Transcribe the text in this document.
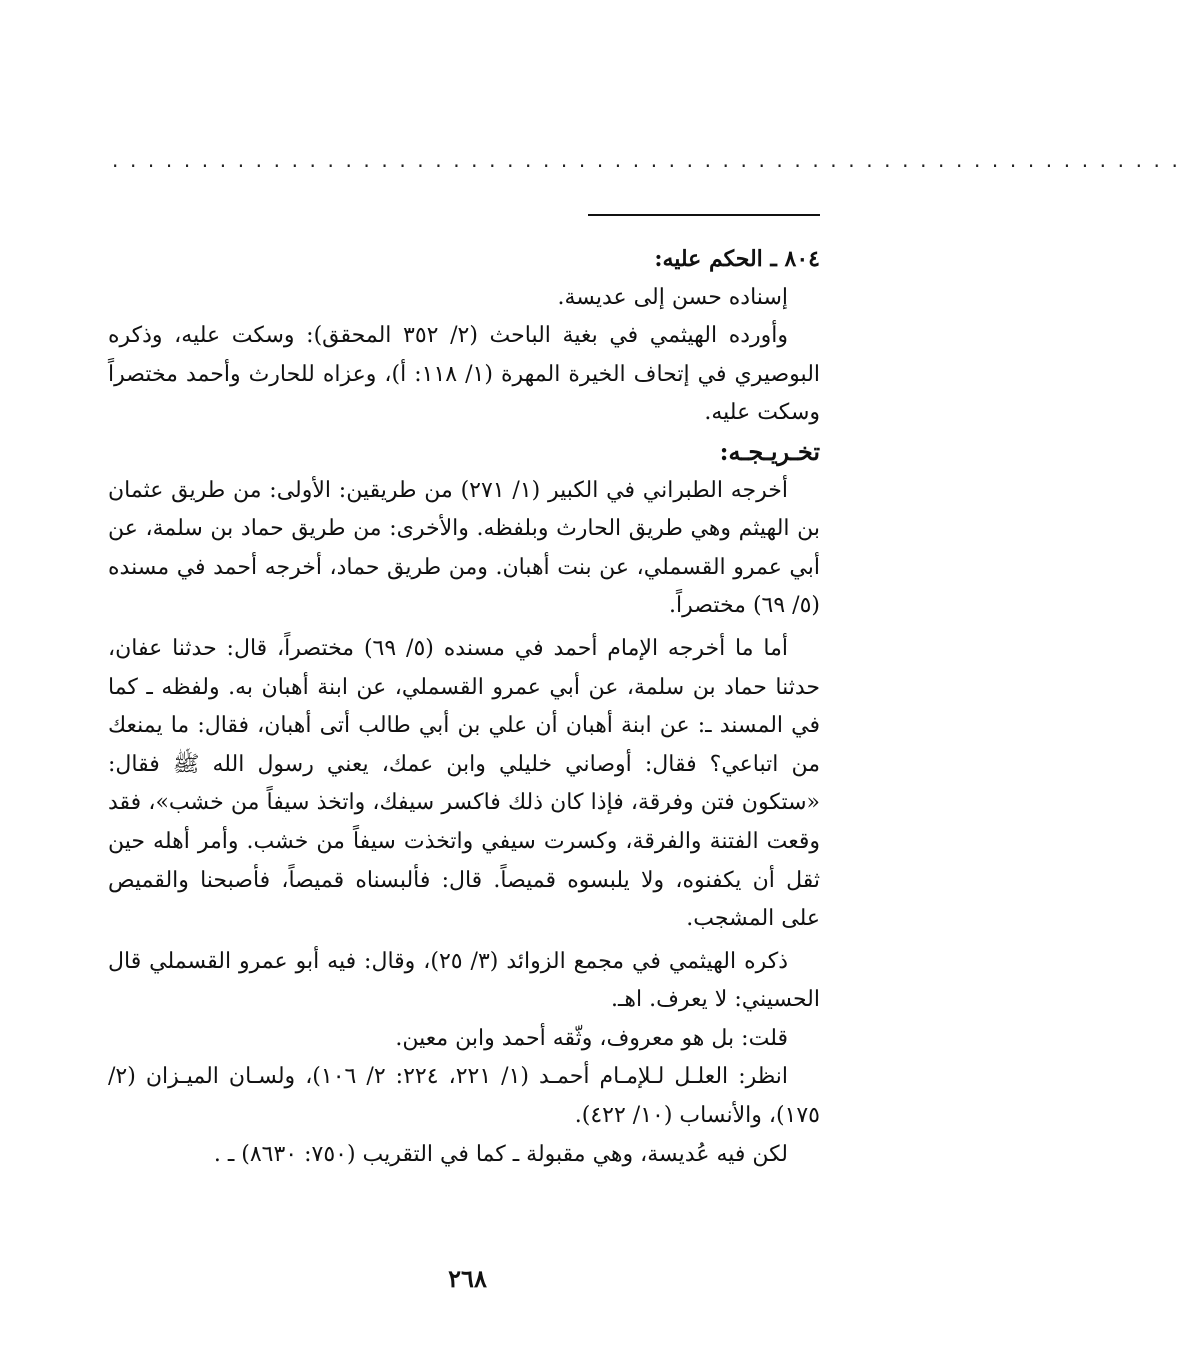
............................................................

٨٠٤ ـ الحكم عليه:

إسناده حسن إلى عديسة.

وأورده الهيثمي في بغية الباحث (٢/ ٣٥٢ المحقق): وسكت عليه، وذكره البوصيري في إتحاف الخيرة المهرة (١/ ١١٨: أ)، وعزاه للحارث وأحمد مختصراً وسكت عليه.

تخـريـجـه:

أخرجه الطبراني في الكبير (١/ ٢٧١) من طريقين: الأولى: من طريق عثمان بن الهيثم وهي طريق الحارث وبلفظه. والأخرى: من طريق حماد بن سلمة، عن أبي عمرو القسملي، عن بنت أهبان. ومن طريق حماد، أخرجه أحمد في مسنده (٥/ ٦٩) مختصراً.

أما ما أخرجه الإمام أحمد في مسنده (٥/ ٦٩) مختصراً، قال: حدثنا عفان، حدثنا حماد بن سلمة، عن أبي عمرو القسملي، عن ابنة أهبان به. ولفظه ـ كما في المسند ـ: عن ابنة أهبان أن علي بن أبي طالب أتى أهبان، فقال: ما يمنعك من اتباعي؟ فقال: أوصاني خليلي وابن عمك، يعني رسول الله ﷺ فقال: «ستكون فتن وفرقة، فإذا كان ذلك فاكسر سيفك، واتخذ سيفاً من خشب»، فقد وقعت الفتنة والفرقة، وكسرت سيفي واتخذت سيفاً من خشب. وأمر أهله حين ثقل أن يكفنوه، ولا يلبسوه قميصاً. قال: فألبسناه قميصاً، فأصبحنا والقميص على المشجب.

ذكره الهيثمي في مجمع الزوائد (٣/ ٢٥)، وقال: فيه أبو عمرو القسملي قال الحسيني: لا يعرف. اهـ.

قلت: بل هو معروف، وثّقه أحمد وابن معين.

انظر: العلـل لـلإمـام أحمـد (١/ ٢٢١، ٢٢٤: ٢/ ١٠٦)، ولسـان الميـزان (٢/ ١٧٥)، والأنساب (١٠/ ٤٢٢).

لكن فيه عُديسة، وهي مقبولة ـ كما في التقريب (٧٥٠: ٨٦٣٠) ـ .

٢٦٨
